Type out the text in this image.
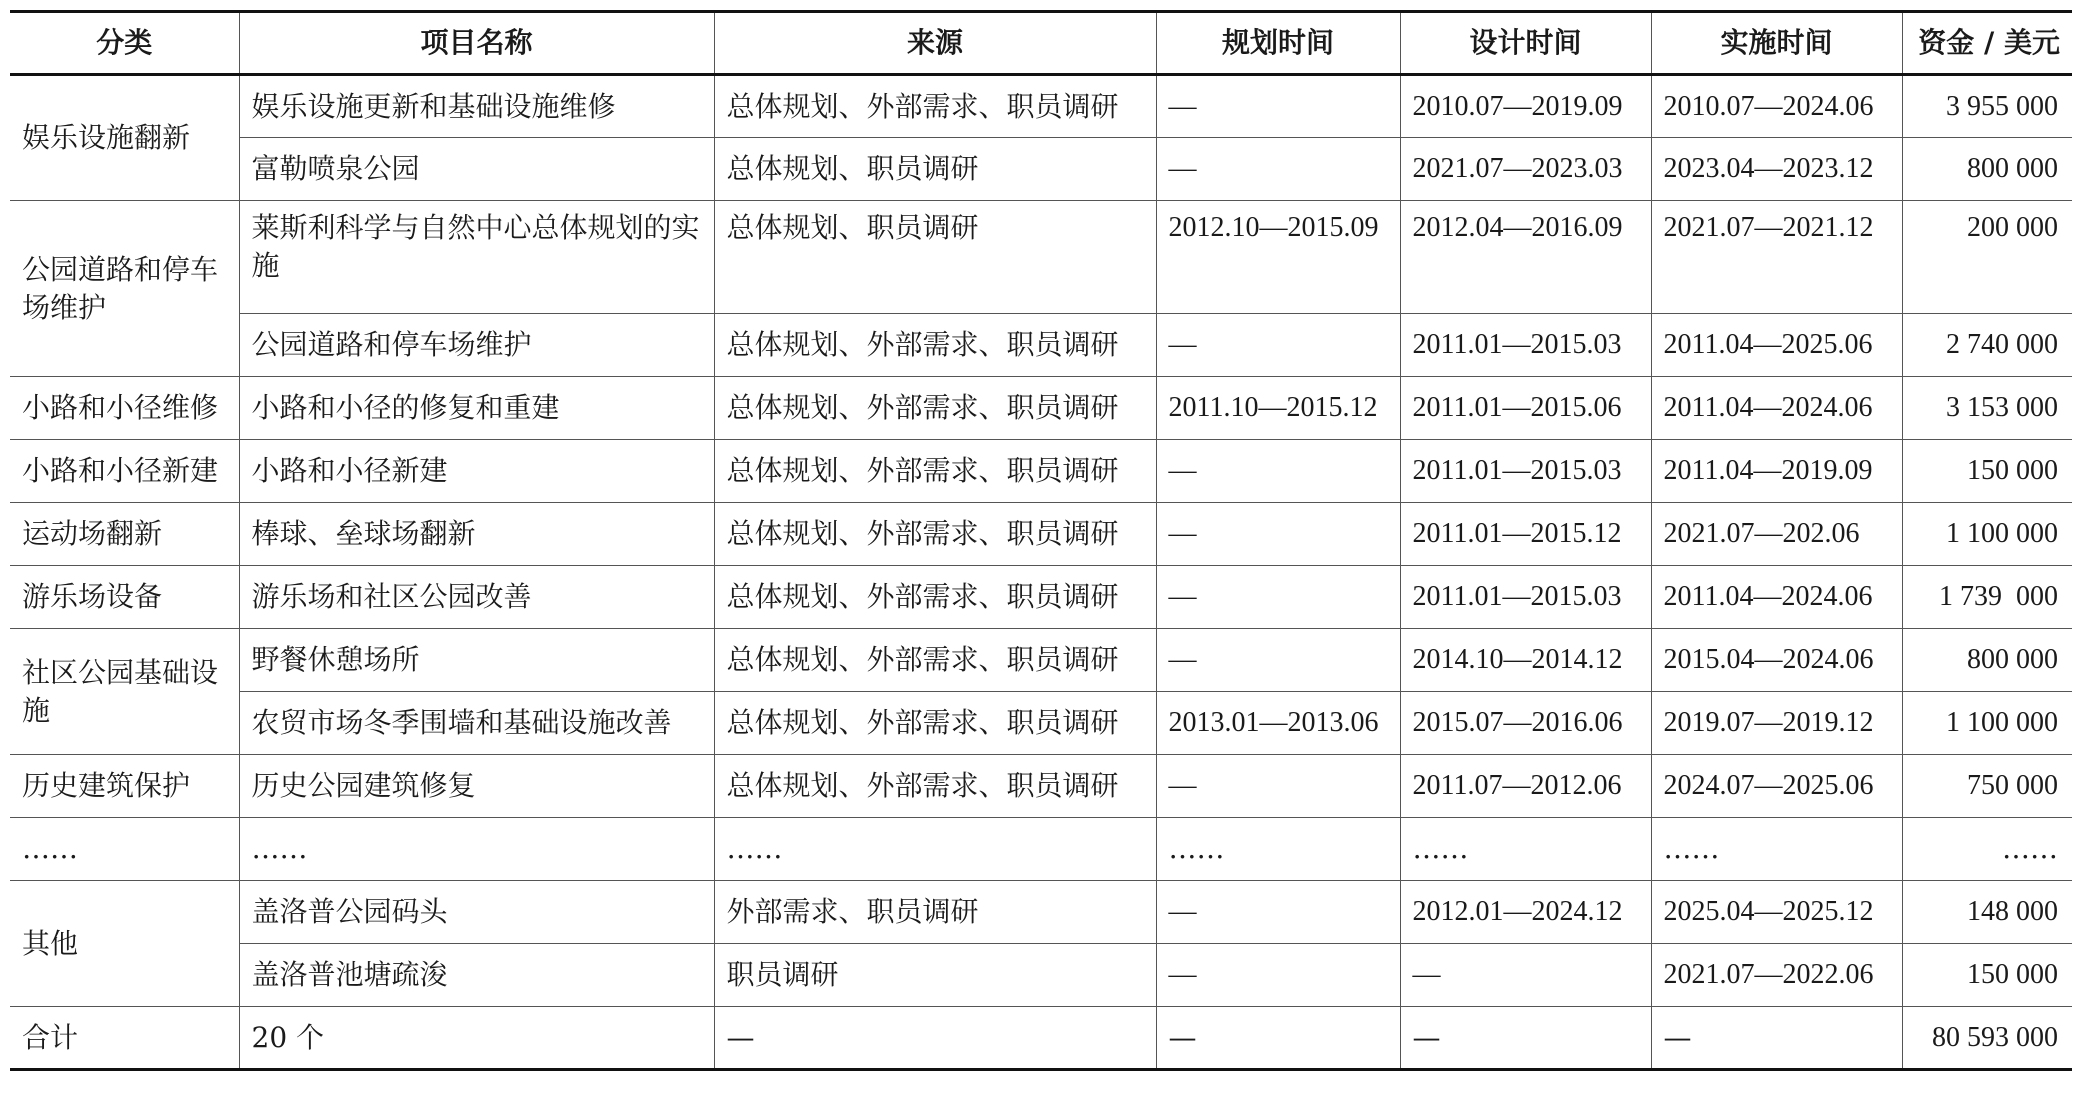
分类	项目名称	来源	规划时间	设计时间	实施时间	资金 / 美元
娱乐设施翻新	娱乐设施更新和基础设施维修	总体规划、外部需求、职员调研	—	2010.07—2019.09	2010.07—2024.06	3 955 000
	富勒喷泉公园	总体规划、职员调研	—	2021.07—2023.03	2023.04—2023.12	800 000
公园道路和停车场维护	莱斯利科学与自然中心总体规划的实施	总体规划、职员调研	2012.10—2015.09	2012.04—2016.09	2021.07—2021.12	200 000
	公园道路和停车场维护	总体规划、外部需求、职员调研	—	2011.01—2015.03	2011.04—2025.06	2 740 000
小路和小径维修	小路和小径的修复和重建	总体规划、外部需求、职员调研	2011.10—2015.12	2011.01—2015.06	2011.04—2024.06	3 153 000
小路和小径新建	小路和小径新建	总体规划、外部需求、职员调研	—	2011.01—2015.03	2011.04—2019.09	150 000
运动场翻新	棒球、垒球场翻新	总体规划、外部需求、职员调研	—	2011.01—2015.12	2021.07—202.06	1 100 000
游乐场设备	游乐场和社区公园改善	总体规划、外部需求、职员调研	—	2011.01—2015.03	2011.04—2024.06	1 739  000
社区公园基础设施	野餐休憩场所	总体规划、外部需求、职员调研	—	2014.10—2014.12	2015.04—2024.06	800 000
	农贸市场冬季围墙和基础设施改善	总体规划、外部需求、职员调研	2013.01—2013.06	2015.07—2016.06	2019.07—2019.12	1 100 000
历史建筑保护	历史公园建筑修复	总体规划、外部需求、职员调研	—	2011.07—2012.06	2024.07—2025.06	750 000
……	……	……	……	……	……	……
其他	盖洛普公园码头	外部需求、职员调研	—	2012.01—2024.12	2025.04—2025.12	148 000
	盖洛普池塘疏浚	职员调研	—	—	2021.07—2022.06	150 000
合计	20 个	—	—	—	—	80 593 000
